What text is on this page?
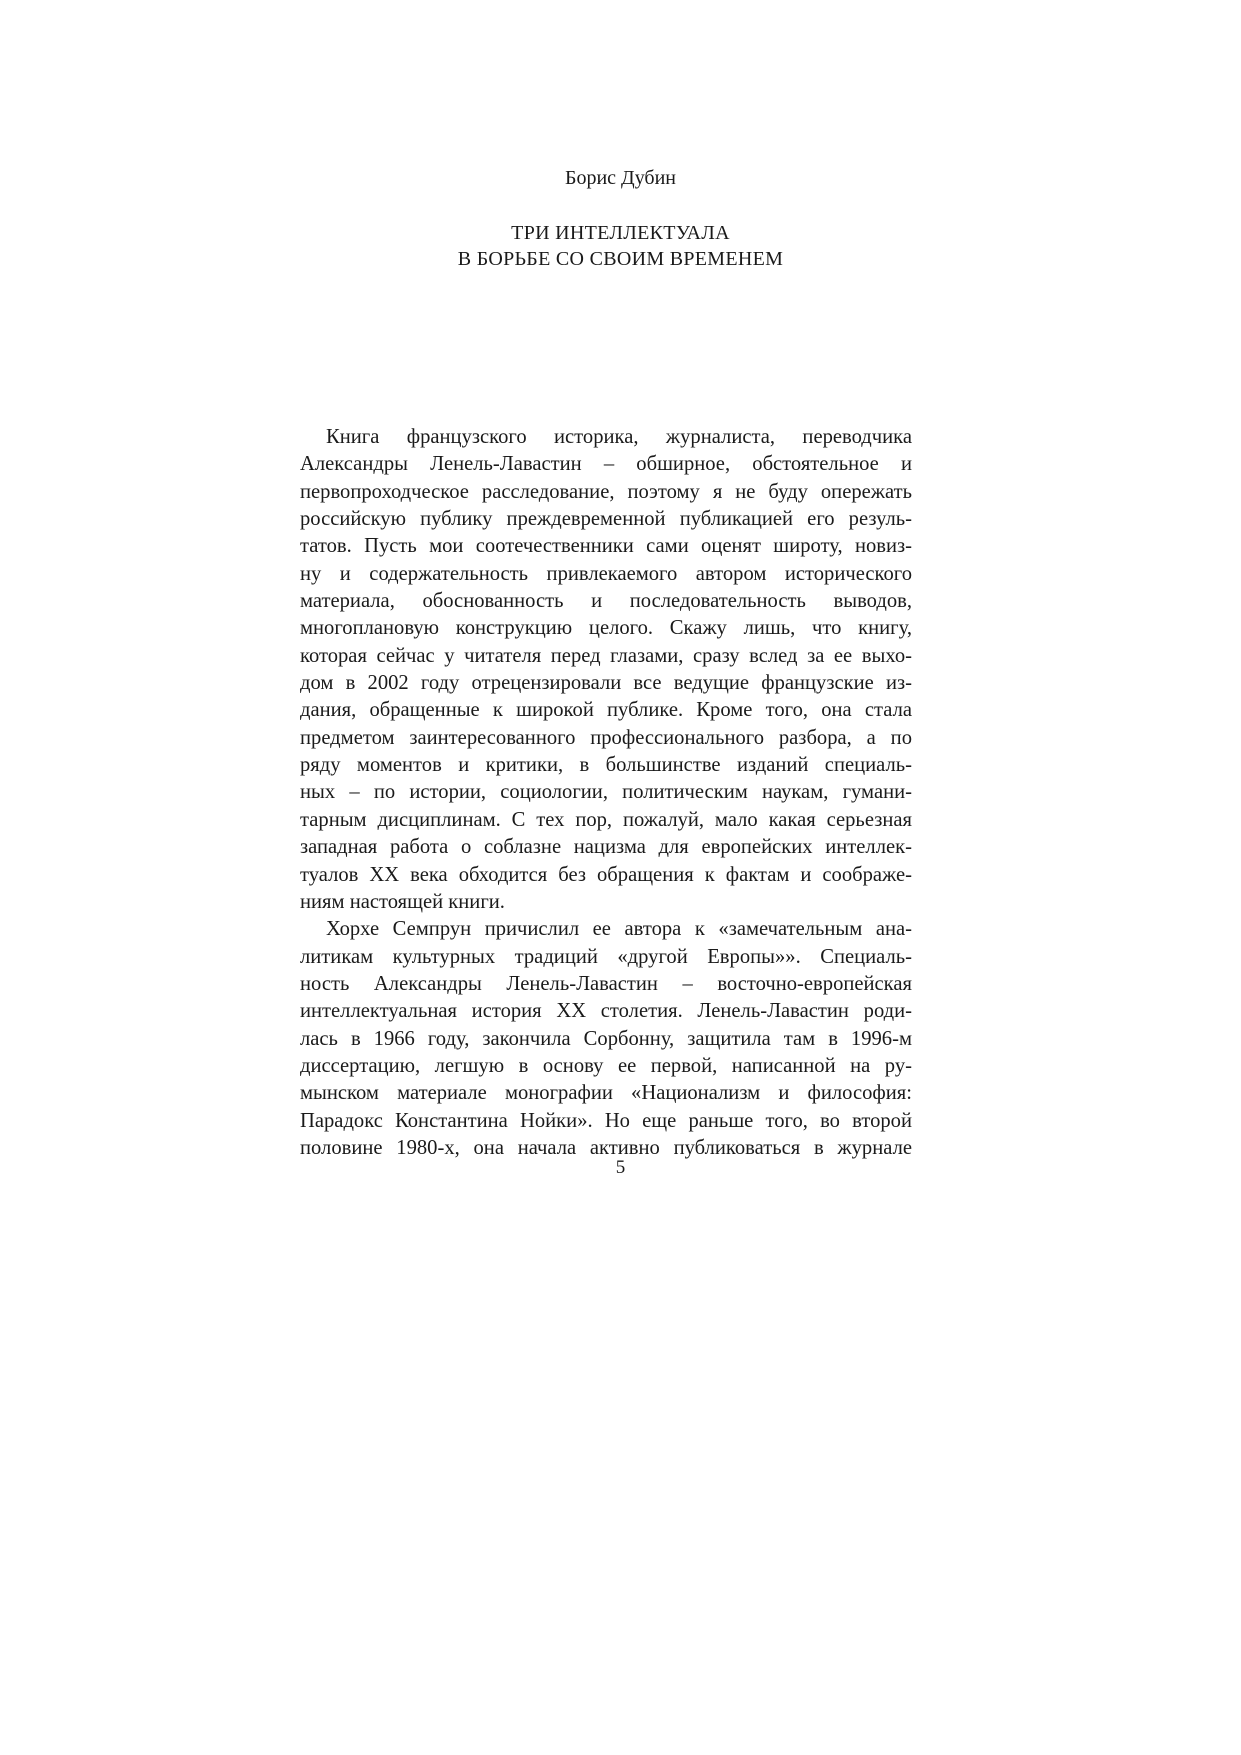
Борис Дубин
ТРИ ИНТЕЛЛЕКТУАЛА
В БОРЬБЕ СО СВОИМ ВРЕМЕНЕМ
Книга французского историка, журналиста, переводчика
Александры Ленель-Лавастин – обширное, обстоятельное и
первопроходческое расследование, поэтому я не буду опережать
российскую публику преждевременной публикацией его резуль-
татов. Пусть мои соотечественники сами оценят широту, новиз-
ну и содержательность привлекаемого автором исторического
материала, обоснованность и последовательность выводов,
многоплановую конструкцию целого. Скажу лишь, что книгу,
которая сейчас у читателя перед глазами, сразу вслед за ее выхо-
дом в 2002 году отрецензировали все ведущие французские из-
дания, обращенные к широкой публике. Кроме того, она стала
предметом заинтересованного профессионального разбора, а по
ряду моментов и критики, в большинстве изданий специаль-
ных – по истории, социологии, политическим наукам, гумани-
тарным дисциплинам. С тех пор, пожалуй, мало какая серьезная
западная работа о соблазне нацизма для европейских интеллек-
туалов XX века обходится без обращения к фактам и соображе-
ниям настоящей книги.
Хорхе Семпрун причислил ее автора к «замечательным ана-
литикам культурных традиций «другой Европы»». Специаль-
ность Александры Ленель-Лавастин – восточно-европейская
интеллектуальная история XX столетия. Ленель-Лавастин роди-
лась в 1966 году, закончила Сорбонну, защитила там в 1996-м
диссертацию, легшую в основу ее первой, написанной на ру-
мынском материале монографии «Национализм и философия:
Парадокс Константина Нойки». Но еще раньше того, во второй
половине 1980-х, она начала активно публиковаться в журнале
5
